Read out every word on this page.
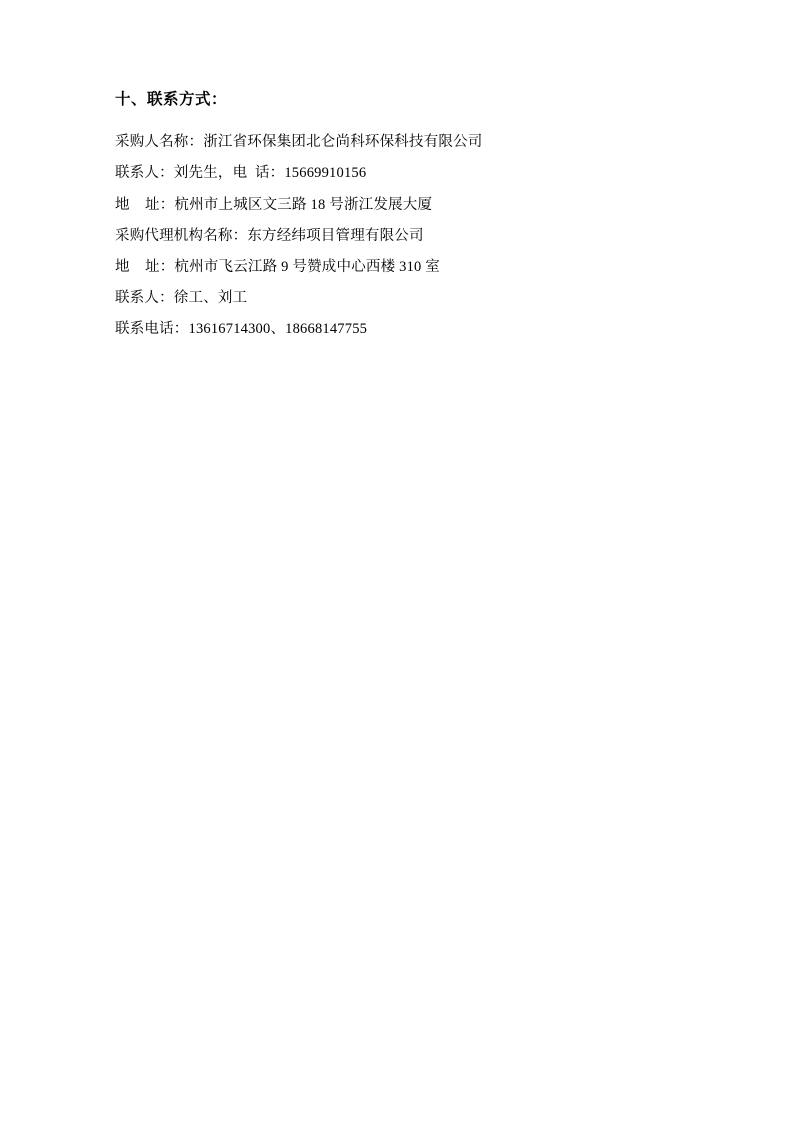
十、联系方式：
采购人名称：浙江省环保集团北仑尚科环保科技有限公司
联系人：刘先生，电  话：15669910156
地    址：杭州市上城区文三路 18 号浙江发展大厦
采购代理机构名称：东方经纬项目管理有限公司
地    址：杭州市飞云江路 9 号赞成中心西楼 310 室
联系人：徐工、刘工
联系电话：13616714300、18668147755
